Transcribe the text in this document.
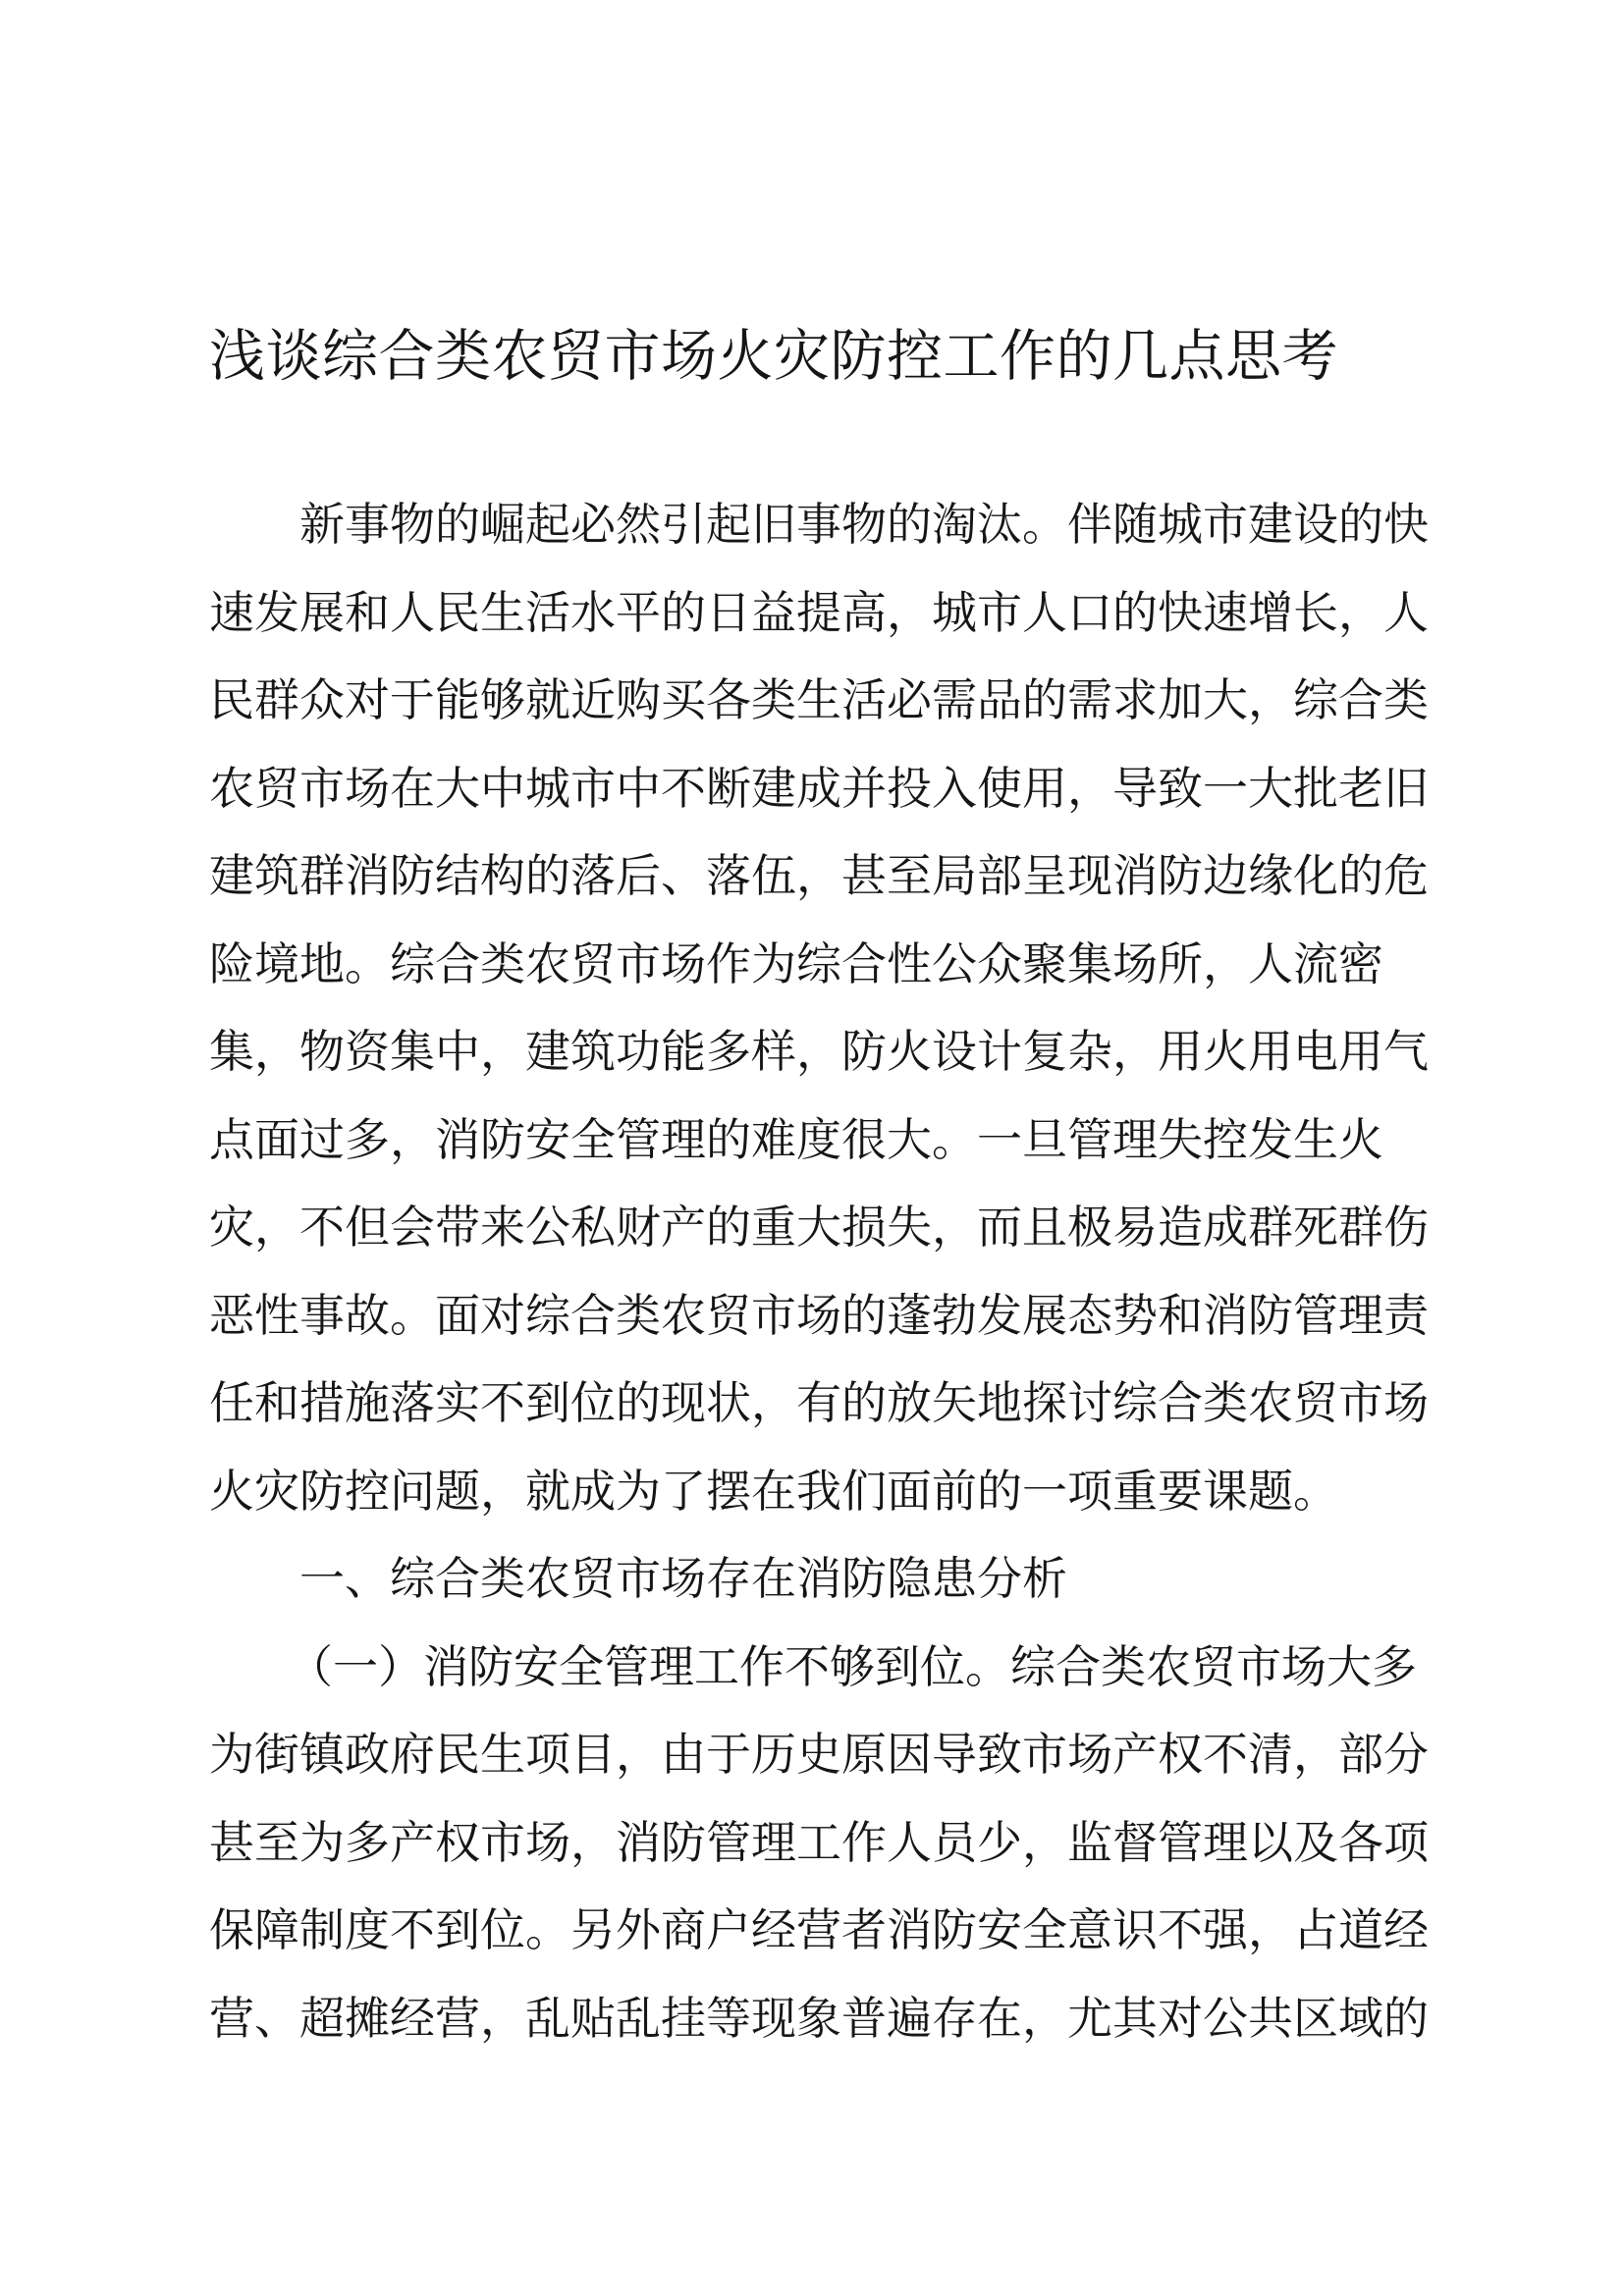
浅谈综合类农贸市场火灾防控工作的几点思考
新事物的崛起必然引起旧事物的淘汰。伴随城市建设的快
速发展和人民生活水平的日益提高，城市人口的快速增长，人
民群众对于能够就近购买各类生活必需品的需求加大，综合类
农贸市场在大中城市中不断建成并投入使用，导致一大批老旧
建筑群消防结构的落后、落伍，甚至局部呈现消防边缘化的危
险境地。综合类农贸市场作为综合性公众聚集场所，人流密
集，物资集中，建筑功能多样，防火设计复杂，用火用电用气
点面过多，消防安全管理的难度很大。一旦管理失控发生火
灾，不但会带来公私财产的重大损失，而且极易造成群死群伤
恶性事故。面对综合类农贸市场的蓬勃发展态势和消防管理责
任和措施落实不到位的现状，有的放矢地探讨综合类农贸市场
火灾防控问题，就成为了摆在我们面前的一项重要课题。
一、综合类农贸市场存在消防隐患分析
（一）消防安全管理工作不够到位。综合类农贸市场大多
为街镇政府民生项目，由于历史原因导致市场产权不清，部分
甚至为多产权市场，消防管理工作人员少，监督管理以及各项
保障制度不到位。另外商户经营者消防安全意识不强，占道经
营、超摊经营，乱贴乱挂等现象普遍存在，尤其对公共区域的
